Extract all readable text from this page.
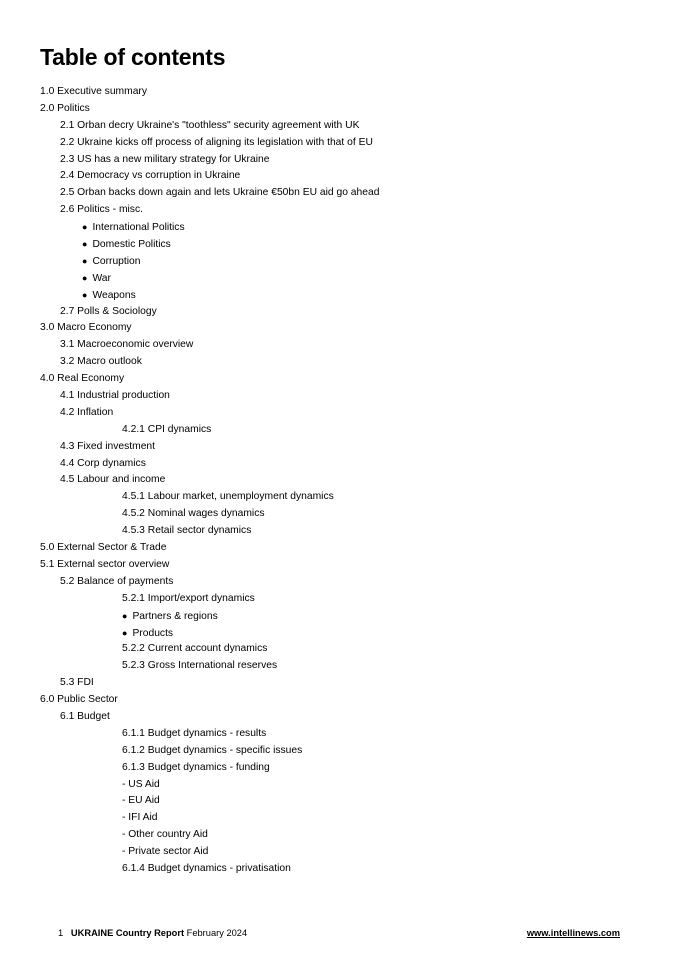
Table of contents
1.0 Executive summary
2.0 Politics
2.1 Orban decry Ukraine's "toothless" security agreement with UK
2.2 Ukraine kicks off process of aligning its legislation with that of EU
2.3 US has a new military strategy for Ukraine
2.4 Democracy vs corruption in Ukraine
2.5 Orban backs down again and lets Ukraine €50bn EU aid go ahead
2.6 Politics - misc.
● International Politics
● Domestic Politics
● Corruption
● War
● Weapons
2.7 Polls & Sociology
3.0 Macro Economy
3.1 Macroeconomic overview
3.2 Macro outlook
4.0 Real Economy
4.1 Industrial production
4.2 Inflation
4.2.1 CPI dynamics
4.3 Fixed investment
4.4 Corp dynamics
4.5 Labour and income
4.5.1 Labour market, unemployment dynamics
4.5.2 Nominal wages dynamics
4.5.3 Retail sector dynamics
5.0 External Sector & Trade
5.1 External sector overview
5.2 Balance of payments
5.2.1 Import/export dynamics
● Partners & regions
● Products
5.2.2 Current account dynamics
5.2.3 Gross International reserves
5.3 FDI
6.0 Public Sector
6.1 Budget
6.1.1 Budget dynamics - results
6.1.2 Budget dynamics - specific issues
6.1.3 Budget dynamics - funding
- US Aid
- EU Aid
- IFI Aid
- Other country Aid
- Private sector Aid
6.1.4 Budget dynamics - privatisation
1 UKRAINE Country Report February 2024	www.intellinews.com
